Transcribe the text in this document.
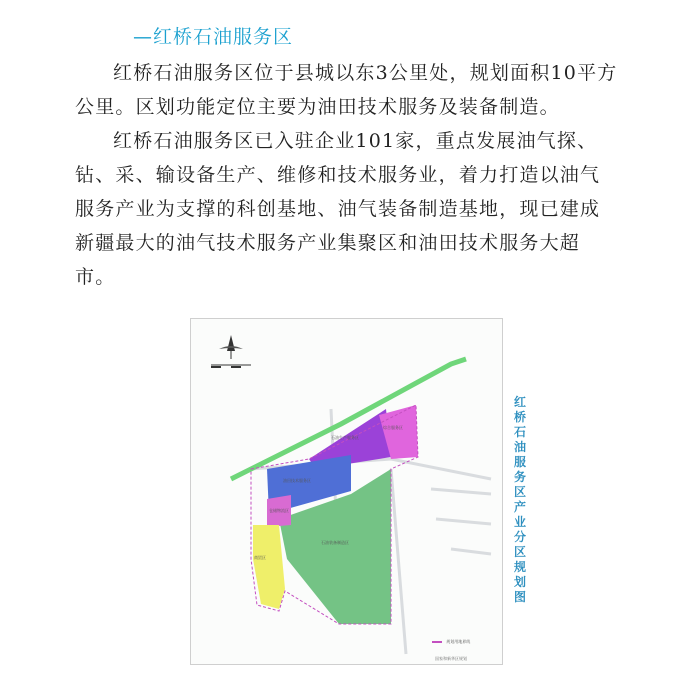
—红桥石油服务区

红桥石油服务区位于县城以东3公里处，规划面积10平方公里。区划功能定位主要为油田技术服务及装备制造。

红桥石油服务区已入驻企业101家，重点发展油气探、钻、采、输设备生产、维修和技术服务业，着力打造以油气服务产业为支撑的科创基地、油气装备制造基地，现已建成新疆最大的油气技术服务产业集聚区和油田技术服务大超市。

石油生产服务区
综合服务区
油田技术服务区
仓储物流区
石油装备制造区
商贸区
红
桥
石
油
服
务
区
产
业
分
区
规
划
图
规划用地界线
国家和新华区规划
